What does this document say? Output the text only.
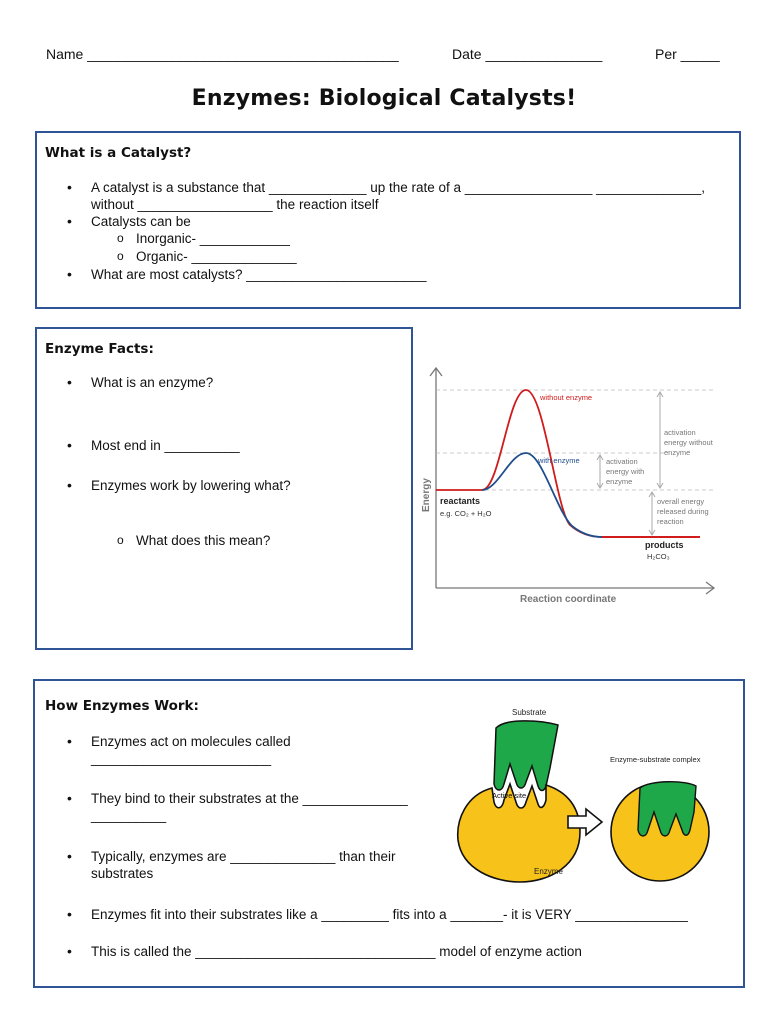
Name ________________________________________	Date _______________	Per _____
Enzymes: Biological Catalysts!
What is a Catalyst?
• A catalyst is a substance that _____________ up the rate of a _________________ ______________,
without __________________ the reaction itself
• Catalysts can be
o Inorganic- ____________
o Organic- ______________
• What are most catalysts? ________________________
Enzyme Facts:
• What is an enzyme?
• Most end in __________
• Enzymes work by lowering what?
o What does this mean?
without enzyme
with enzyme
reactants
e.g. CO₂ + H₂O
products
H₂CO₃
activation
energy without
enzyme
activation
energy with
enzyme
overall energy
released during
reaction
Reaction coordinate
Energy
How Enzymes Work:
• Enzymes act on molecules called
________________________
• They bind to their substrates at the ______________
__________
• Typically, enzymes are ______________ than their
substrates
• Enzymes fit into their substrates like a _________ fits into a _______- it is VERY _______________
• This is called the ________________________________ model of enzyme action
Substrate
Active site
Enzyme
Enzyme-substrate complex
